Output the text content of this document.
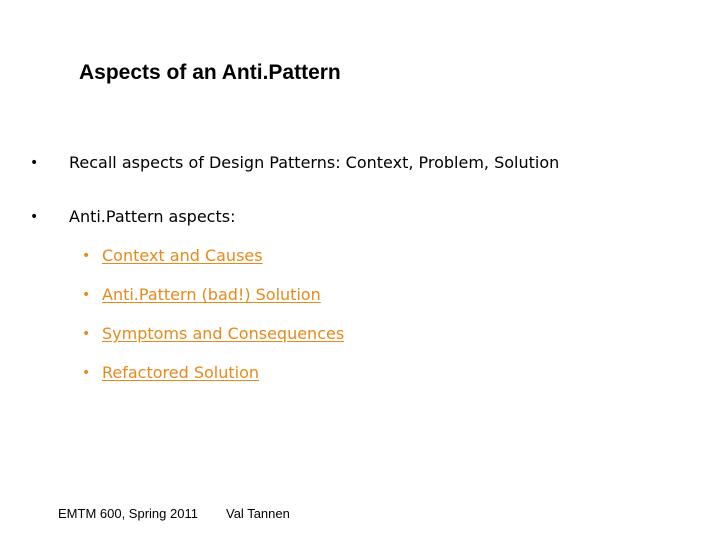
Aspects of an Anti.Pattern
• Recall aspects of Design Patterns: Context, Problem, Solution
• Anti.Pattern aspects:
• Context and Causes
• Anti.Pattern (bad!) Solution
• Symptoms and Consequences
• Refactored Solution
EMTM 600, Spring 2011 Val Tannen
